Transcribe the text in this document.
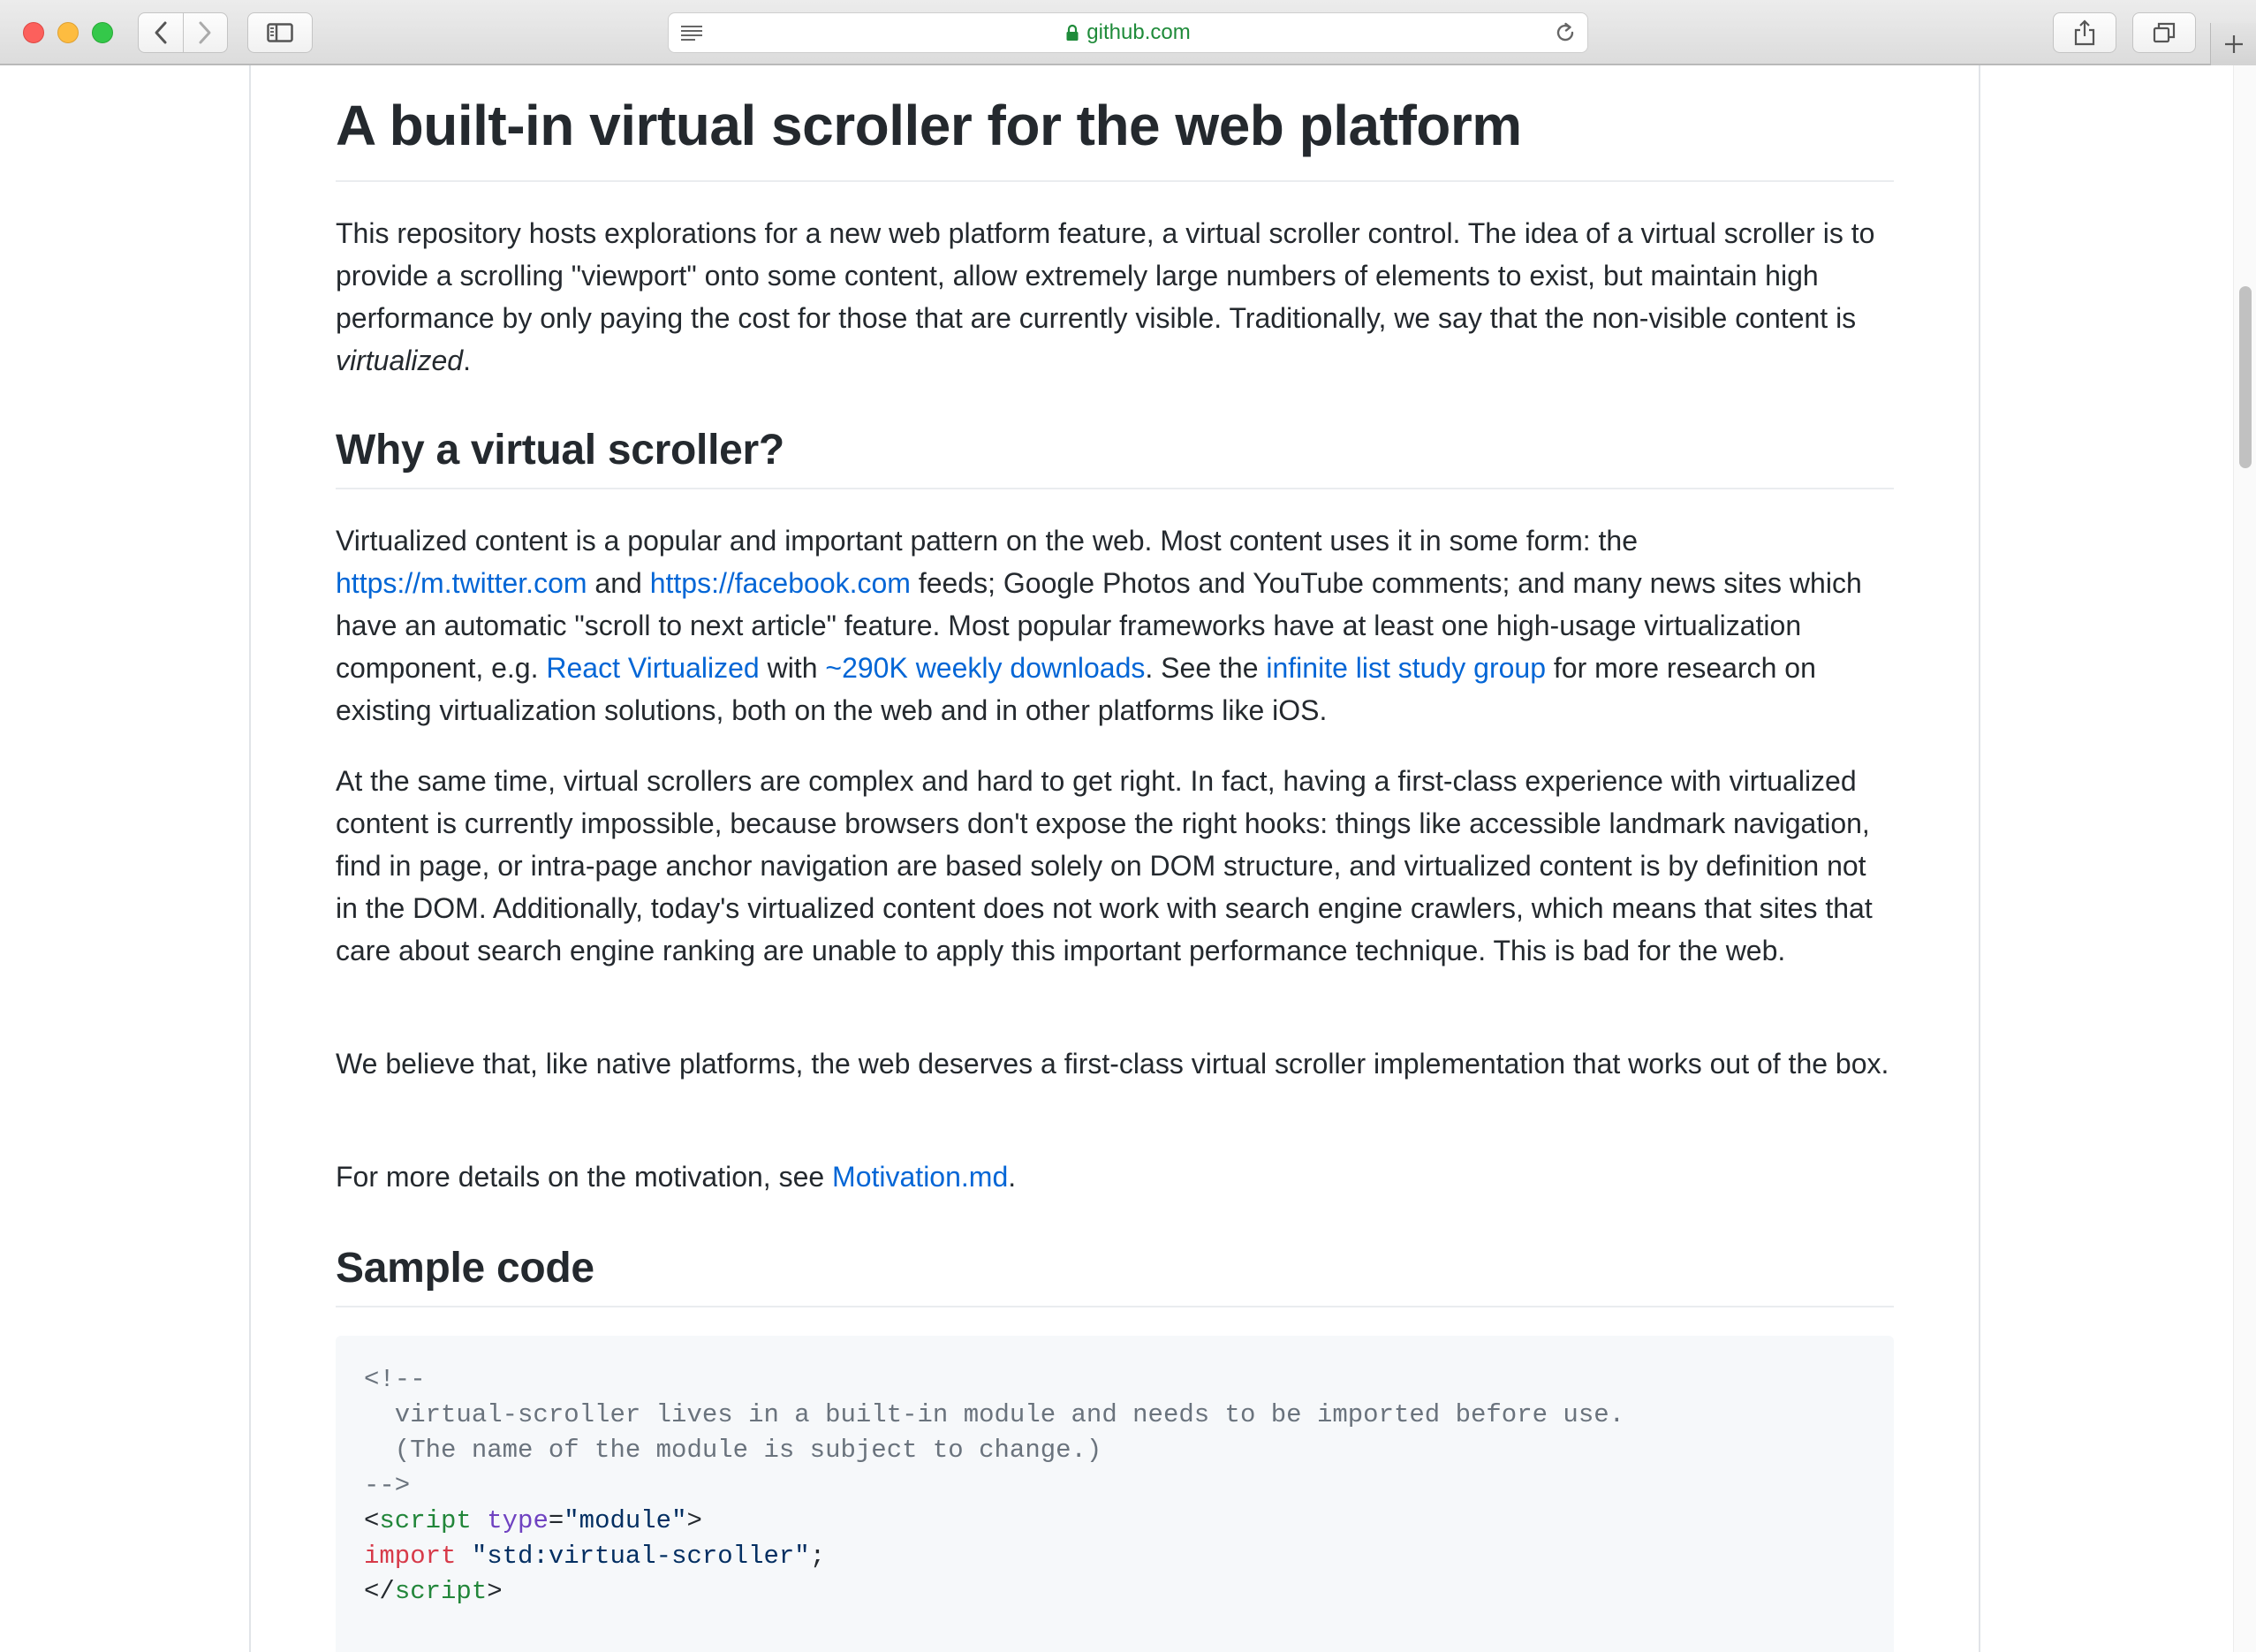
github.com
A built-in virtual scroller for the web platform

This repository hosts explorations for a new web platform feature, a virtual scroller control. The idea of a virtual scroller is to provide a scrolling "viewport" onto some content, allow extremely large numbers of elements to exist, but maintain high performance by only paying the cost for those that are currently visible. Traditionally, we say that the non-visible content is virtualized.

Why a virtual scroller?

Virtualized content is a popular and important pattern on the web. Most content uses it in some form: the https://m.twitter.com and https://facebook.com feeds; Google Photos and YouTube comments; and many news sites which have an automatic "scroll to next article" feature. Most popular frameworks have at least one high-usage virtualization component, e.g. React Virtualized with ~290K weekly downloads. See the infinite list study group for more research on existing virtualization solutions, both on the web and in other platforms like iOS.

At the same time, virtual scrollers are complex and hard to get right. In fact, having a first-class experience with virtualized content is currently impossible, because browsers don't expose the right hooks: things like accessible landmark navigation, find in page, or intra-page anchor navigation are based solely on DOM structure, and virtualized content is by definition not in the DOM. Additionally, today's virtualized content does not work with search engine crawlers, which means that sites that care about search engine ranking are unable to apply this important performance technique. This is bad for the web.

We believe that, like native platforms, the web deserves a first-class virtual scroller implementation that works out of the box.

For more details on the motivation, see Motivation.md.

Sample code
<!--
virtual-scroller lives in a built-in module and needs to be imported before use.
(The name of the module is subject to change.)
-->
<script type="module">
import "std:virtual-scroller";
</script>
